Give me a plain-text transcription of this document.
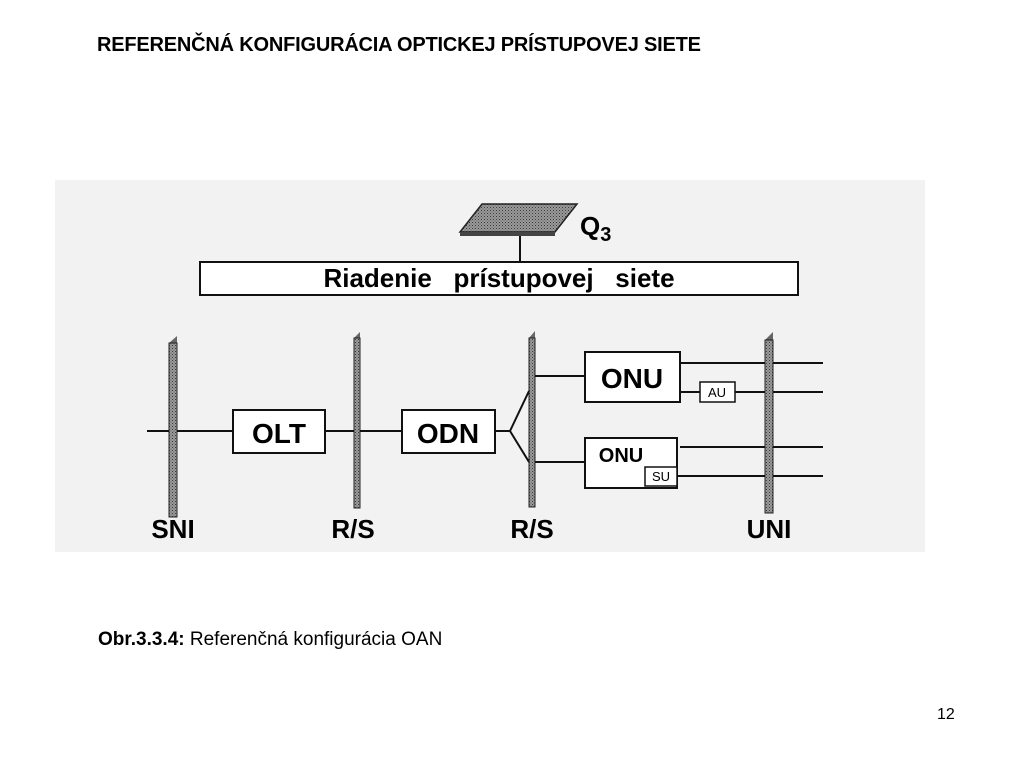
REFERENČNÁ KONFIGURÁCIA OPTICKEJ PRÍSTUPOVEJ SIETE
$Q_3$
Riadenie   prístupovej   siete
OLT	ODN
ONU	AU
ONU
SU
SNI	R/S	R/S	UNI
Obr.3.3.4: Referenčná konfigurácia OAN
12
